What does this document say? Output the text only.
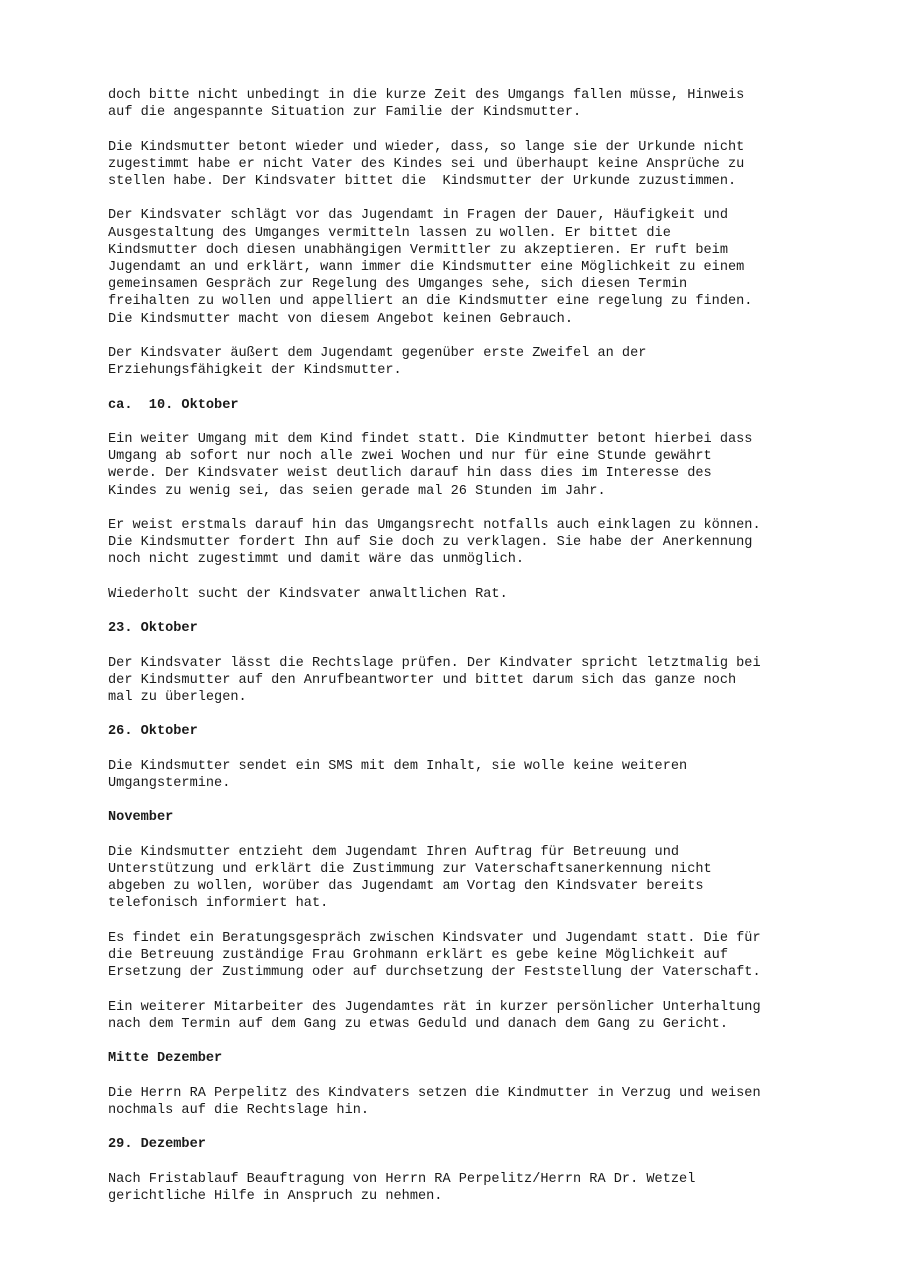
doch bitte nicht unbedingt in die kurze Zeit des Umgangs fallen müsse, Hinweis
auf die angespannte Situation zur Familie der Kindsmutter.
Die Kindsmutter betont wieder und wieder, dass, so lange sie der Urkunde nicht
zugestimmt habe er nicht Vater des Kindes sei und überhaupt keine Ansprüche zu
stellen habe. Der Kindsvater bittet die  Kindsmutter der Urkunde zuzustimmen.
Der Kindsvater schlägt vor das Jugendamt in Fragen der Dauer, Häufigkeit und
Ausgestaltung des Umganges vermitteln lassen zu wollen. Er bittet die
Kindsmutter doch diesen unabhängigen Vermittler zu akzeptieren. Er ruft beim
Jugendamt an und erklärt, wann immer die Kindsmutter eine Möglichkeit zu einem
gemeinsamen Gespräch zur Regelung des Umganges sehe, sich diesen Termin
freihalten zu wollen und appelliert an die Kindsmutter eine regelung zu finden.
Die Kindsmutter macht von diesem Angebot keinen Gebrauch.
Der Kindsvater äußert dem Jugendamt gegenüber erste Zweifel an der
Erziehungsfähigkeit der Kindsmutter.
ca.  10. Oktober
Ein weiter Umgang mit dem Kind findet statt. Die Kindmutter betont hierbei dass
Umgang ab sofort nur noch alle zwei Wochen und nur für eine Stunde gewährt
werde. Der Kindsvater weist deutlich darauf hin dass dies im Interesse des
Kindes zu wenig sei, das seien gerade mal 26 Stunden im Jahr.
Er weist erstmals darauf hin das Umgangsrecht notfalls auch einklagen zu können.
Die Kindsmutter fordert Ihn auf Sie doch zu verklagen. Sie habe der Anerkennung
noch nicht zugestimmt und damit wäre das unmöglich.
Wiederholt sucht der Kindsvater anwaltlichen Rat.
23. Oktober
Der Kindsvater lässt die Rechtslage prüfen. Der Kindvater spricht letztmalig bei
der Kindsmutter auf den Anrufbeantworter und bittet darum sich das ganze noch
mal zu überlegen.
26. Oktober
Die Kindsmutter sendet ein SMS mit dem Inhalt, sie wolle keine weiteren
Umgangstermine.
November
Die Kindsmutter entzieht dem Jugendamt Ihren Auftrag für Betreuung und
Unterstützung und erklärt die Zustimmung zur Vaterschaftsanerkennung nicht
abgeben zu wollen, worüber das Jugendamt am Vortag den Kindsvater bereits
telefonisch informiert hat.
Es findet ein Beratungsgespräch zwischen Kindsvater und Jugendamt statt. Die für
die Betreuung zuständige Frau Grohmann erklärt es gebe keine Möglichkeit auf
Ersetzung der Zustimmung oder auf durchsetzung der Feststellung der Vaterschaft.
Ein weiterer Mitarbeiter des Jugendamtes rät in kurzer persönlicher Unterhaltung
nach dem Termin auf dem Gang zu etwas Geduld und danach dem Gang zu Gericht.
Mitte Dezember
Die Herrn RA Perpelitz des Kindvaters setzen die Kindmutter in Verzug und weisen
nochmals auf die Rechtslage hin.
29. Dezember
Nach Fristablauf Beauftragung von Herrn RA Perpelitz/Herrn RA Dr. Wetzel
gerichtliche Hilfe in Anspruch zu nehmen.
